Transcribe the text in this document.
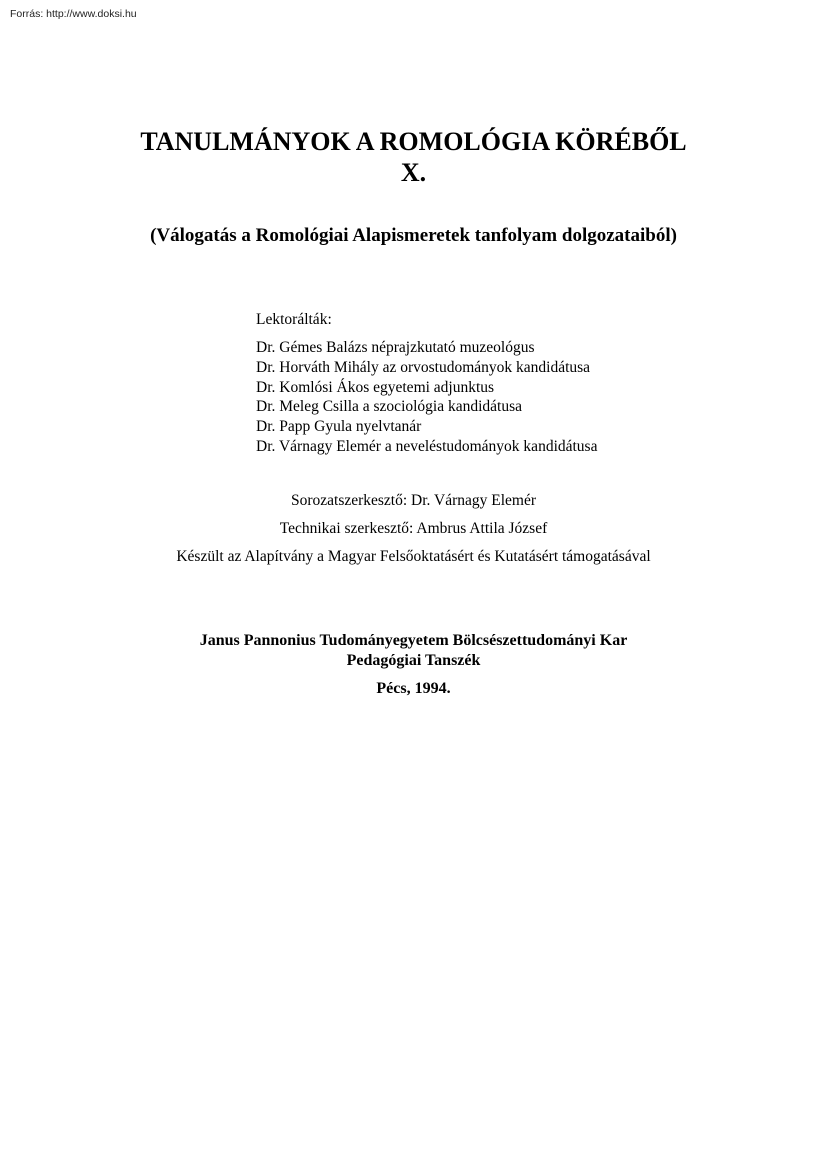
Forrás: http://www.doksi.hu
TANULMÁNYOK A ROMOLÓGIA KÖRÉBŐL
X.
(Válogatás a Romológiai Alapismeretek tanfolyam dolgozataiból)
Lektorálták:
Dr. Gémes Balázs néprajzkutató muzeológus
Dr. Horváth Mihály az orvostudományok kandidátusa
Dr. Komlósi Ákos egyetemi adjunktus
Dr. Meleg Csilla a szociológia kandidátusa
Dr. Papp Gyula nyelvtanár
Dr. Várnagy Elemér a neveléstudományok kandidátusa
Sorozatszerkesztő: Dr. Várnagy Elemér
Technikai szerkesztő: Ambrus Attila József
Készült az Alapítvány a Magyar Felsőoktatásért és Kutatásért támogatásával
Janus Pannonius Tudományegyetem Bölcsészettudományi Kar
Pedagógiai Tanszék
Pécs, 1994.
